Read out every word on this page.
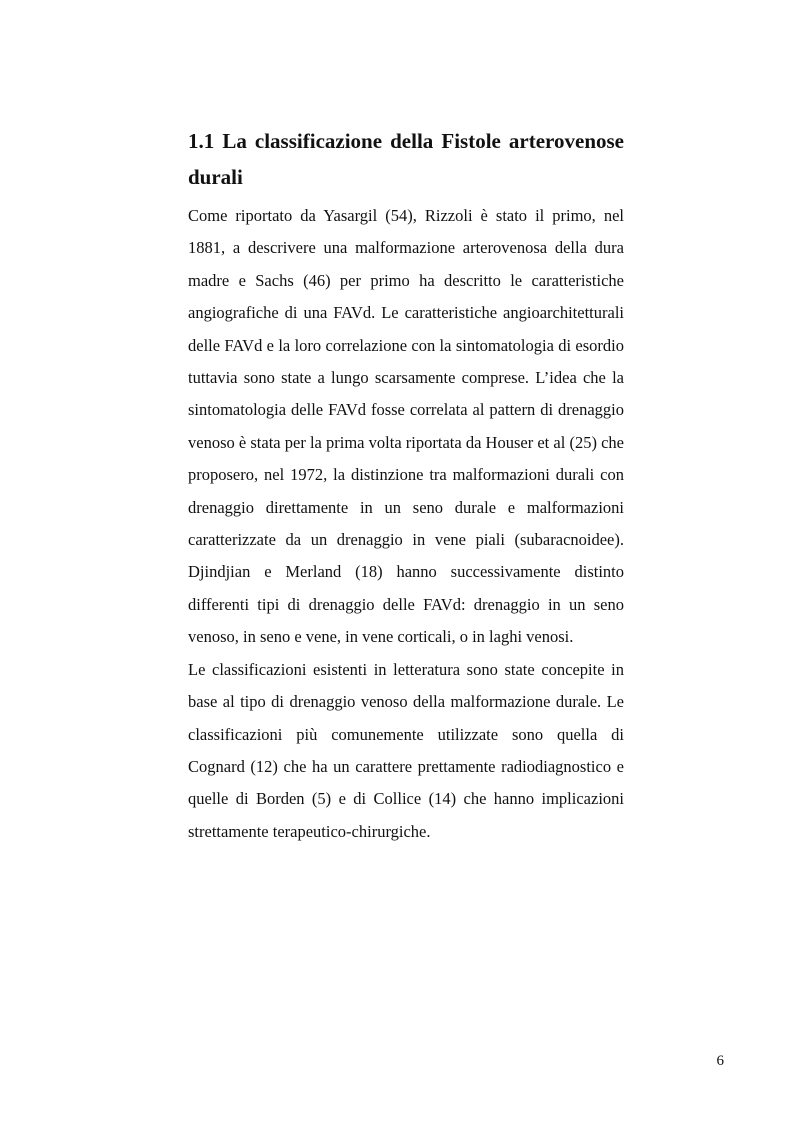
1.1 La classificazione della Fistole arterovenose durali

Come riportato da Yasargil (54), Rizzoli è stato il primo, nel 1881, a descrivere una malformazione arterovenosa della dura madre e Sachs (46) per primo ha descritto le caratteristiche angiografiche di una FAVd. Le caratteristiche angioarchitetturali delle FAVd e la loro correlazione con la sintomatologia di esordio tuttavia sono state a lungo scarsamente comprese. L’idea che la sintomatologia delle FAVd fosse correlata al pattern di drenaggio venoso è stata per la prima volta riportata da Houser et al (25) che proposero, nel 1972, la distinzione tra malformazioni durali con drenaggio direttamente in un seno durale e malformazioni caratterizzate da un drenaggio in vene piali (subaracnoidee). Djindjian e Merland (18) hanno successivamente distinto differenti tipi di drenaggio delle FAVd: drenaggio in un seno venoso, in seno e vene, in vene corticali, o in laghi venosi.

Le classificazioni esistenti in letteratura sono state concepite in base al tipo di drenaggio venoso della malformazione durale. Le classificazioni più comunemente utilizzate sono quella di Cognard (12) che ha un carattere prettamente radiodiagnostico e quelle di Borden (5) e di Collice (14) che hanno implicazioni strettamente terapeutico-chirurgiche.

6
